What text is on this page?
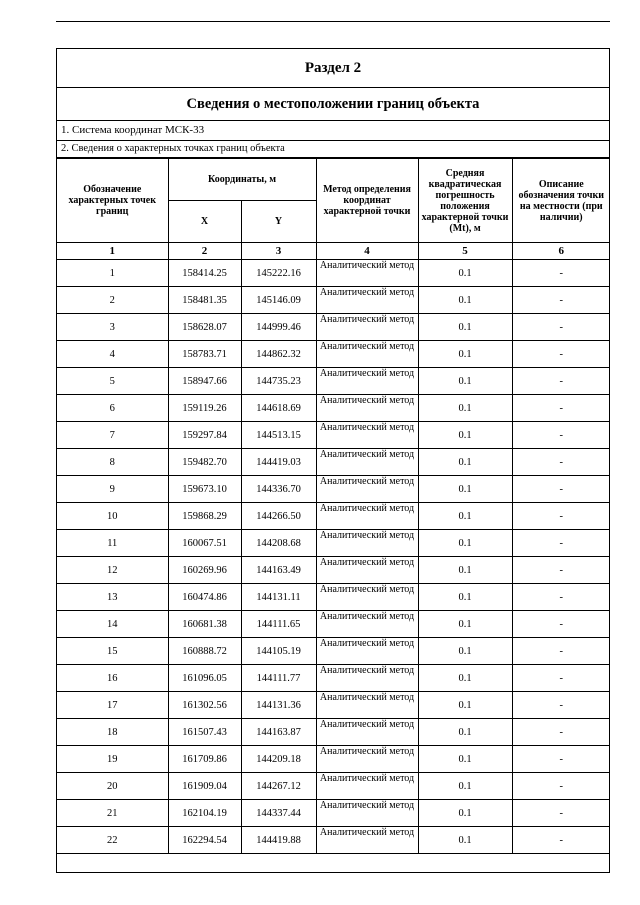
Раздел 2
Сведения о местоположении границ объекта
1. Система координат МСК-33
2. Сведения о характерных точках границ объекта
Обозначение характерных точек границ	Координаты, м		Метод определения координат характерной точки	Средняя квадратическая погрешность положения характерной точки (Mt), м	Описание обозначения точки на местности (при наличии)
	X	Y			
1	2	3	4	5	6
1	158414.25	145222.16	Аналитический метод	0.1	-
2	158481.35	145146.09	Аналитический метод	0.1	-
3	158628.07	144999.46	Аналитический метод	0.1	-
4	158783.71	144862.32	Аналитический метод	0.1	-
5	158947.66	144735.23	Аналитический метод	0.1	-
6	159119.26	144618.69	Аналитический метод	0.1	-
7	159297.84	144513.15	Аналитический метод	0.1	-
8	159482.70	144419.03	Аналитический метод	0.1	-
9	159673.10	144336.70	Аналитический метод	0.1	-
10	159868.29	144266.50	Аналитический метод	0.1	-
11	160067.51	144208.68	Аналитический метод	0.1	-
12	160269.96	144163.49	Аналитический метод	0.1	-
13	160474.86	144131.11	Аналитический метод	0.1	-
14	160681.38	144111.65	Аналитический метод	0.1	-
15	160888.72	144105.19	Аналитический метод	0.1	-
16	161096.05	144111.77	Аналитический метод	0.1	-
17	161302.56	144131.36	Аналитический метод	0.1	-
18	161507.43	144163.87	Аналитический метод	0.1	-
19	161709.86	144209.18	Аналитический метод	0.1	-
20	161909.04	144267.12	Аналитический метод	0.1	-
21	162104.19	144337.44	Аналитический метод	0.1	-
22	162294.54	144419.88	Аналитический метод	0.1	-
